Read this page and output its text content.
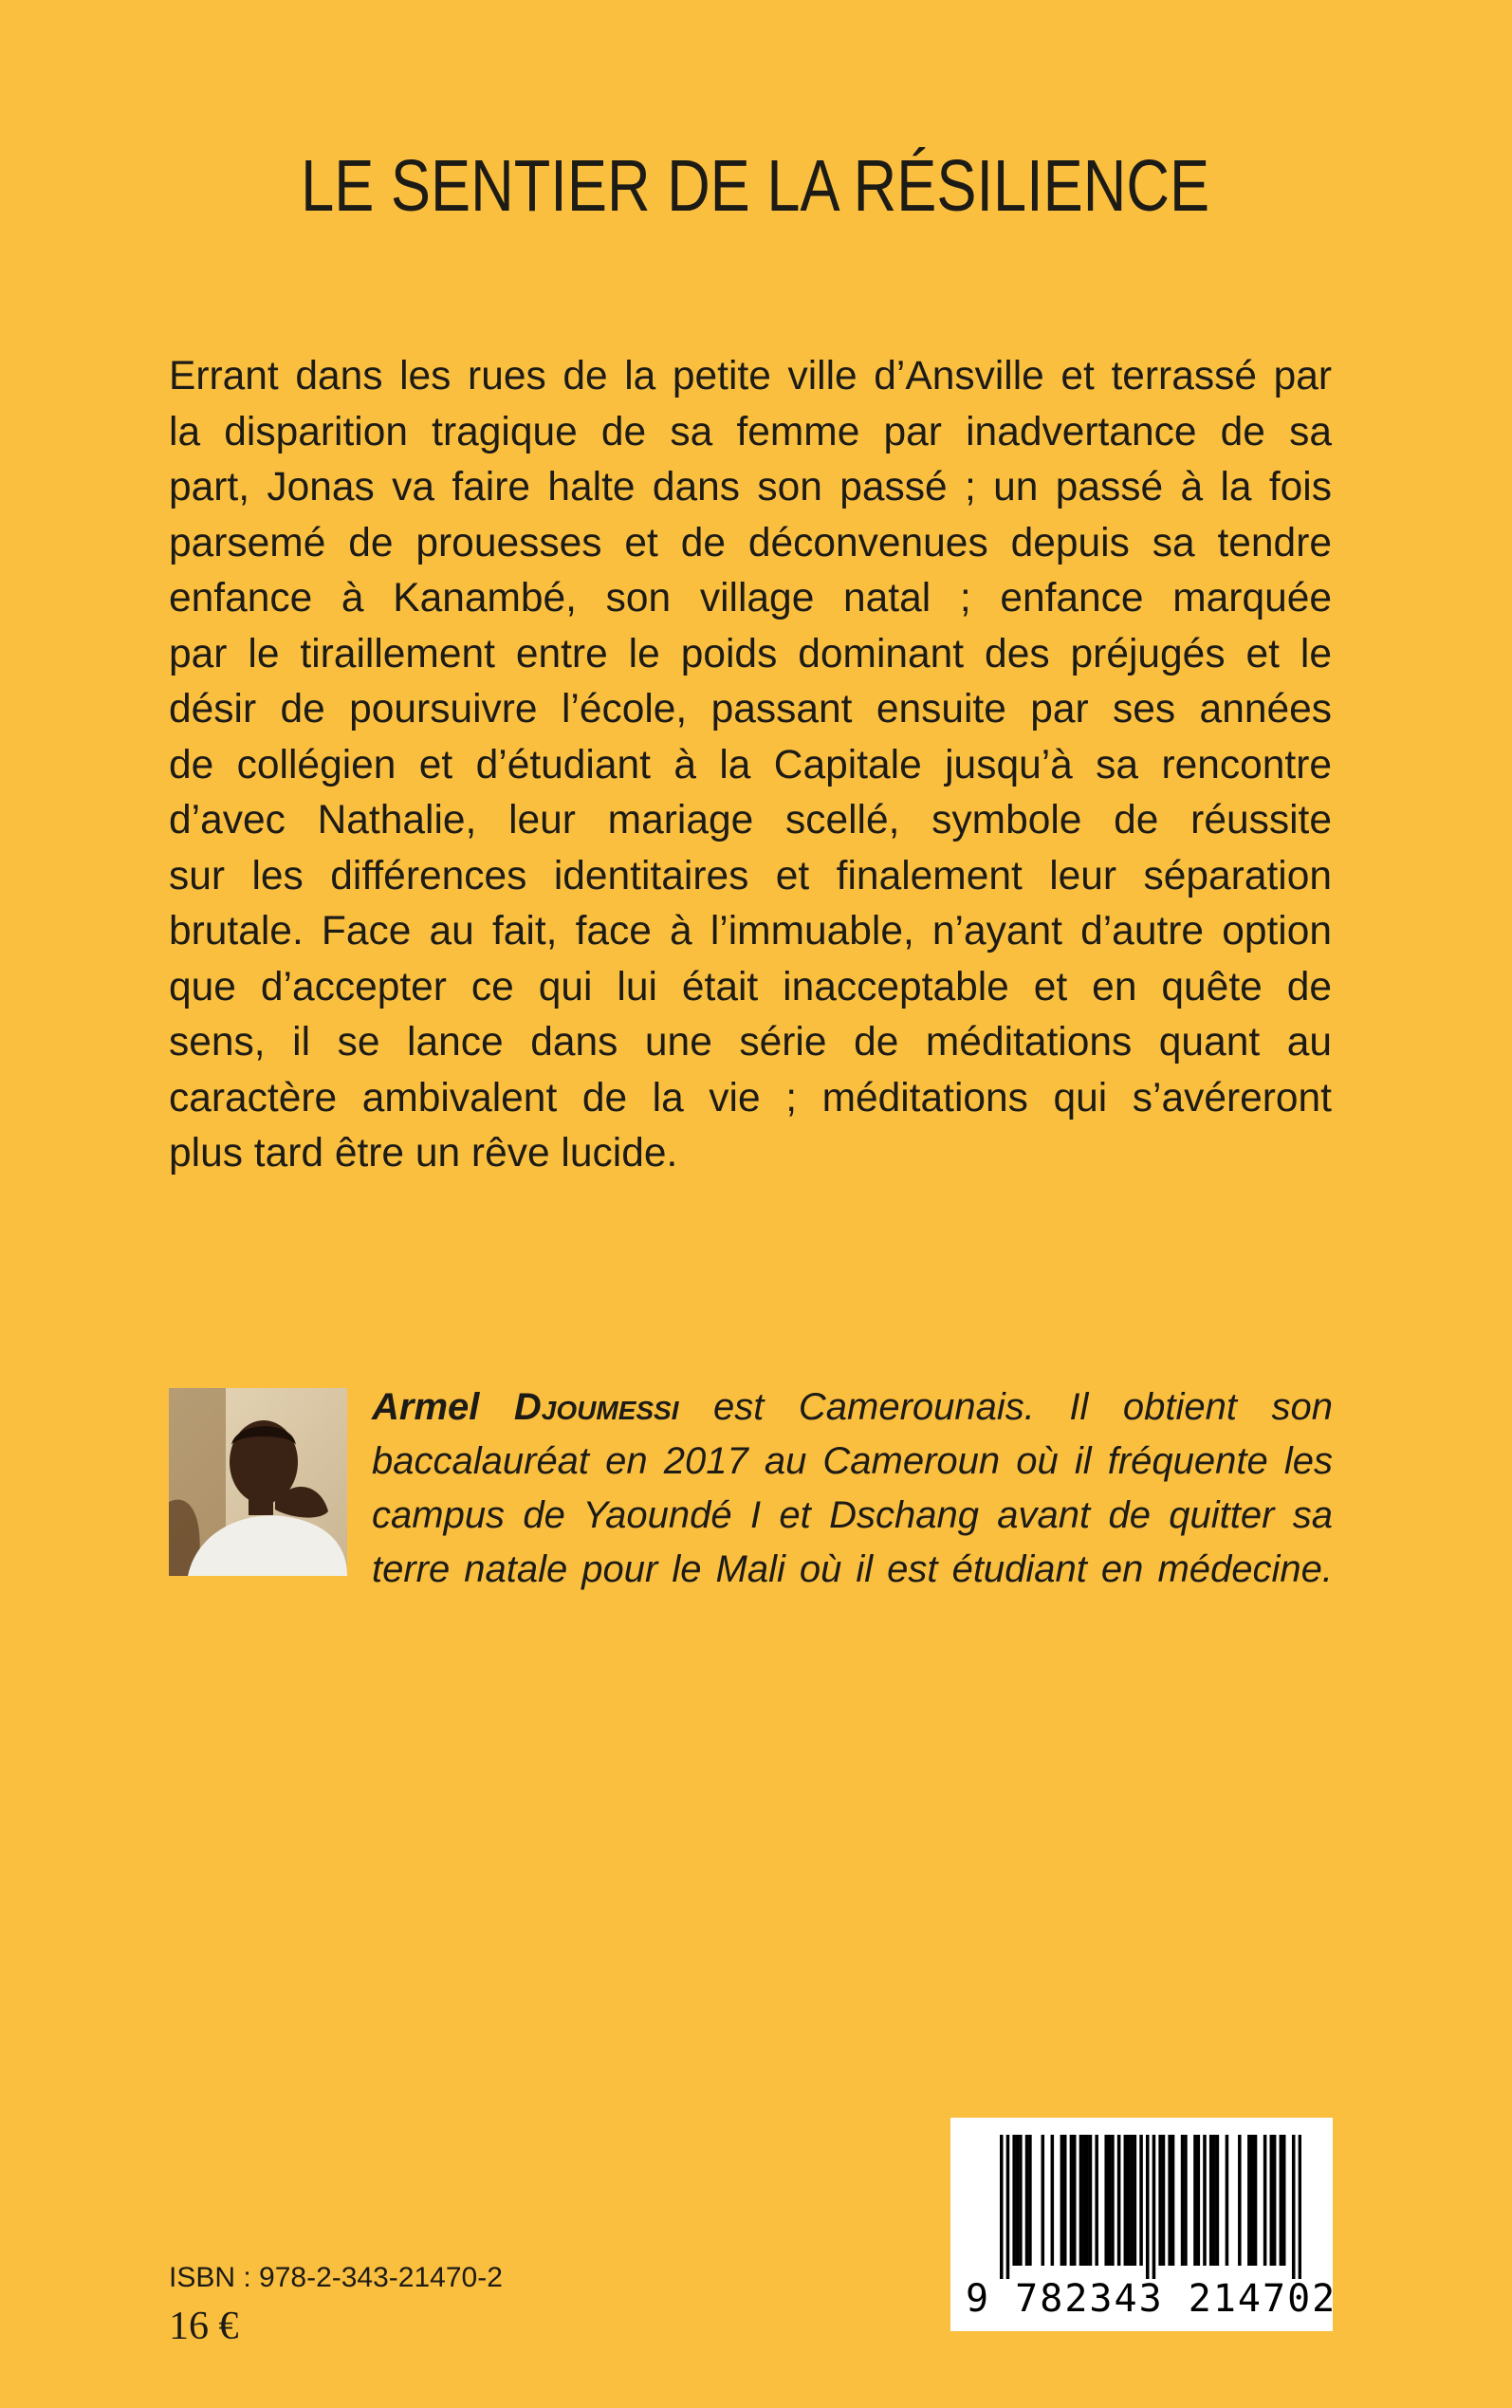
LE SENTIER DE LA RÉSILIENCE
Errant dans les rues de la petite ville d’Ansville et terrassé par
la disparition tragique de sa femme par inadvertance de sa
part, Jonas va faire halte dans son passé ; un passé à la fois
parsemé de prouesses et de déconvenues depuis sa tendre
enfance à Kanambé, son village natal ; enfance marquée
par le tiraillement entre le poids dominant des préjugés et le
désir de poursuivre l’école, passant ensuite par ses années
de collégien et d’étudiant à la Capitale jusqu’à sa rencontre
d’avec Nathalie, leur mariage scellé, symbole de réussite
sur les différences identitaires et finalement leur séparation
brutale. Face au fait, face à l’immuable, n’ayant d’autre option
que d’accepter ce qui lui était inacceptable et en quête de
sens, il se lance dans une série de méditations quant au
caractère ambivalent de la vie ; méditations qui s’avéreront
plus tard être un rêve lucide.
Armel Djoumessi est Camerounais. Il obtient son
baccalauréat en 2017 au Cameroun où il fréquente les
campus de Yaoundé I et Dschang avant de quitter sa
terre natale pour le Mali où il est étudiant en médecine.
ISBN : 978-2-343-21470-2
16 €
9 782343 214702
